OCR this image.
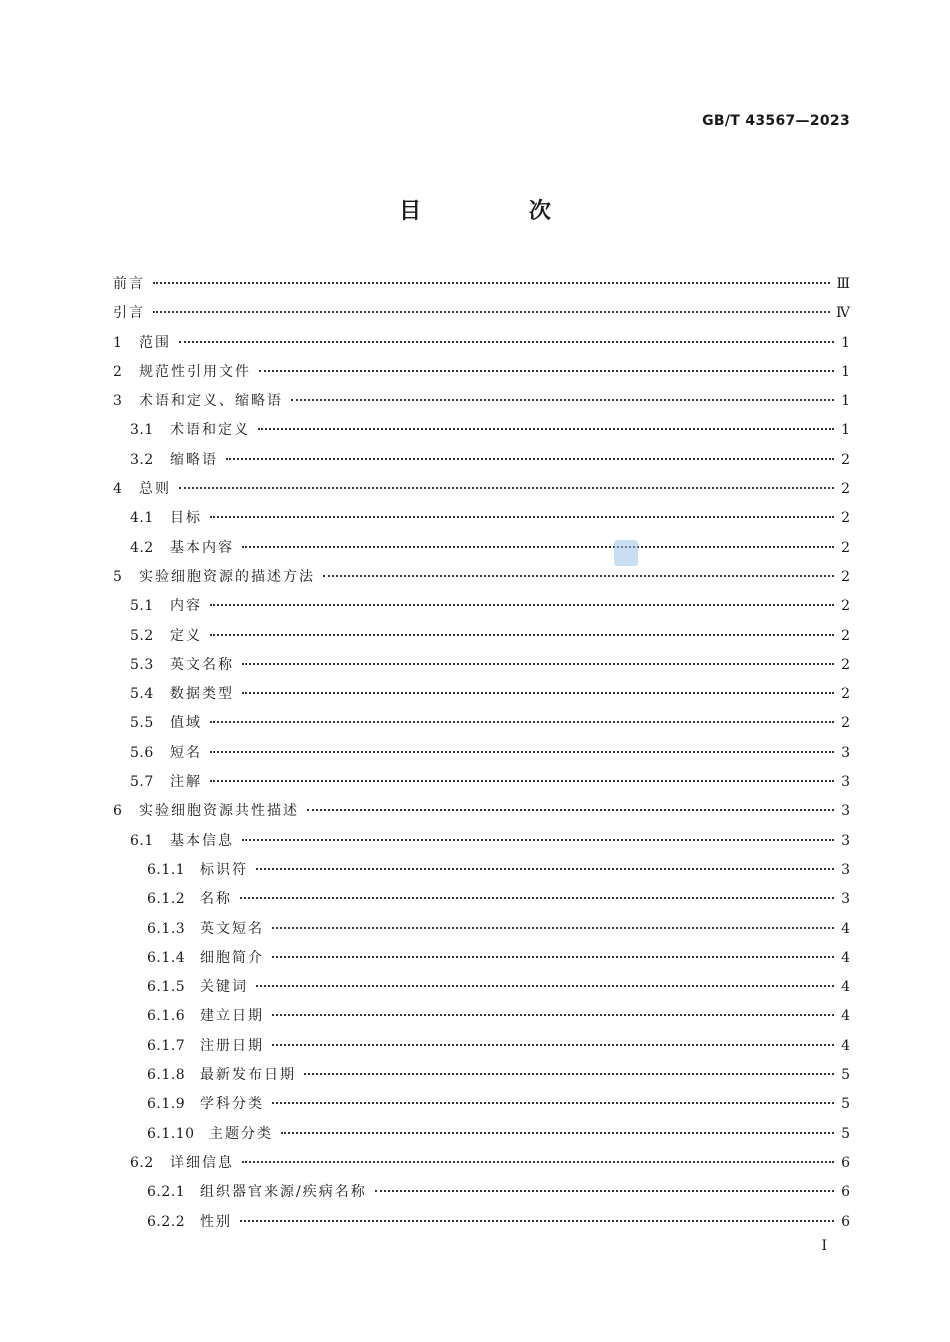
GB/T 43567—2023
目 次
前言	Ⅲ
引言	Ⅳ
1	范围	1
2	规范性引用文件	1
3	术语和定义、缩略语	1
3.1	术语和定义	1
3.2	缩略语	2
4	总则	2
4.1	目标	2
4.2	基本内容	2
5	实验细胞资源的描述方法	2
5.1	内容	2
5.2	定义	2
5.3	英文名称	2
5.4	数据类型	2
5.5	值域	2
5.6	短名	3
5.7	注解	3
6	实验细胞资源共性描述	3
6.1	基本信息	3
6.1.1	标识符	3
6.1.2	名称	3
6.1.3	英文短名	4
6.1.4	细胞简介	4
6.1.5	关键词	4
6.1.6	建立日期	4
6.1.7	注册日期	4
6.1.8	最新发布日期	5
6.1.9	学科分类	5
6.1.10	主题分类	5
6.2	详细信息	6
6.2.1	组织器官来源/疾病名称	6
6.2.2	性别	6
I
